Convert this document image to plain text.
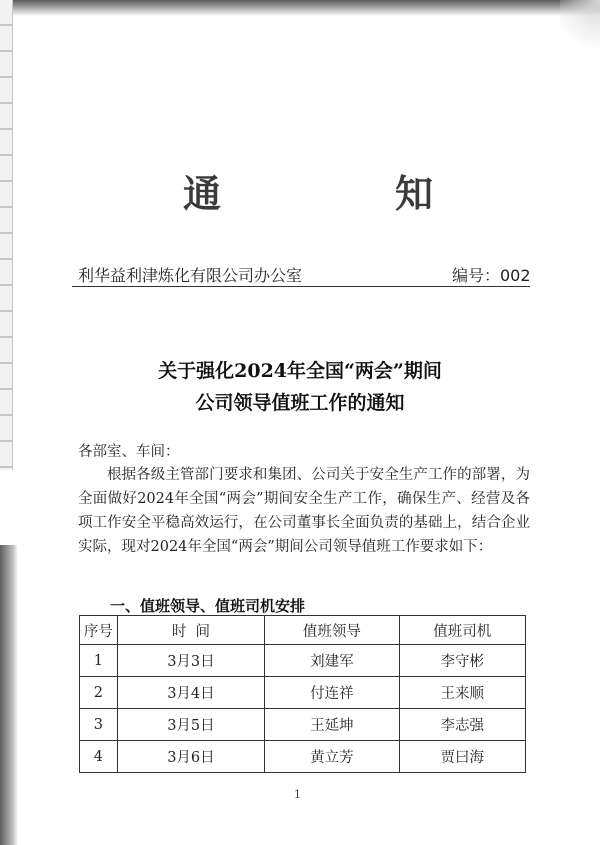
通	知
利华益利津炼化有限公司办公室	编号：002
关于强化2024年全国“两会”期间
公司领导值班工作的通知
各部室、车间：
根据各级主管部门要求和集团、公司关于安全生产工作的部署，为全面做好2024年全国“两会”期间安全生产工作，确保生产、经营及各项工作安全平稳高效运行，在公司董事长全面负责的基础上，结合企业实际，现对2024年全国“两会”期间公司领导值班工作要求如下：
一、值班领导、值班司机安排
序号	时  间	值班领导	值班司机
1	3月3日	刘建军	李守彬
2	3月4日	付连祥	王来顺
3	3月5日	王延坤	李志强
4	3月6日	黄立芳	贾曰海
1
